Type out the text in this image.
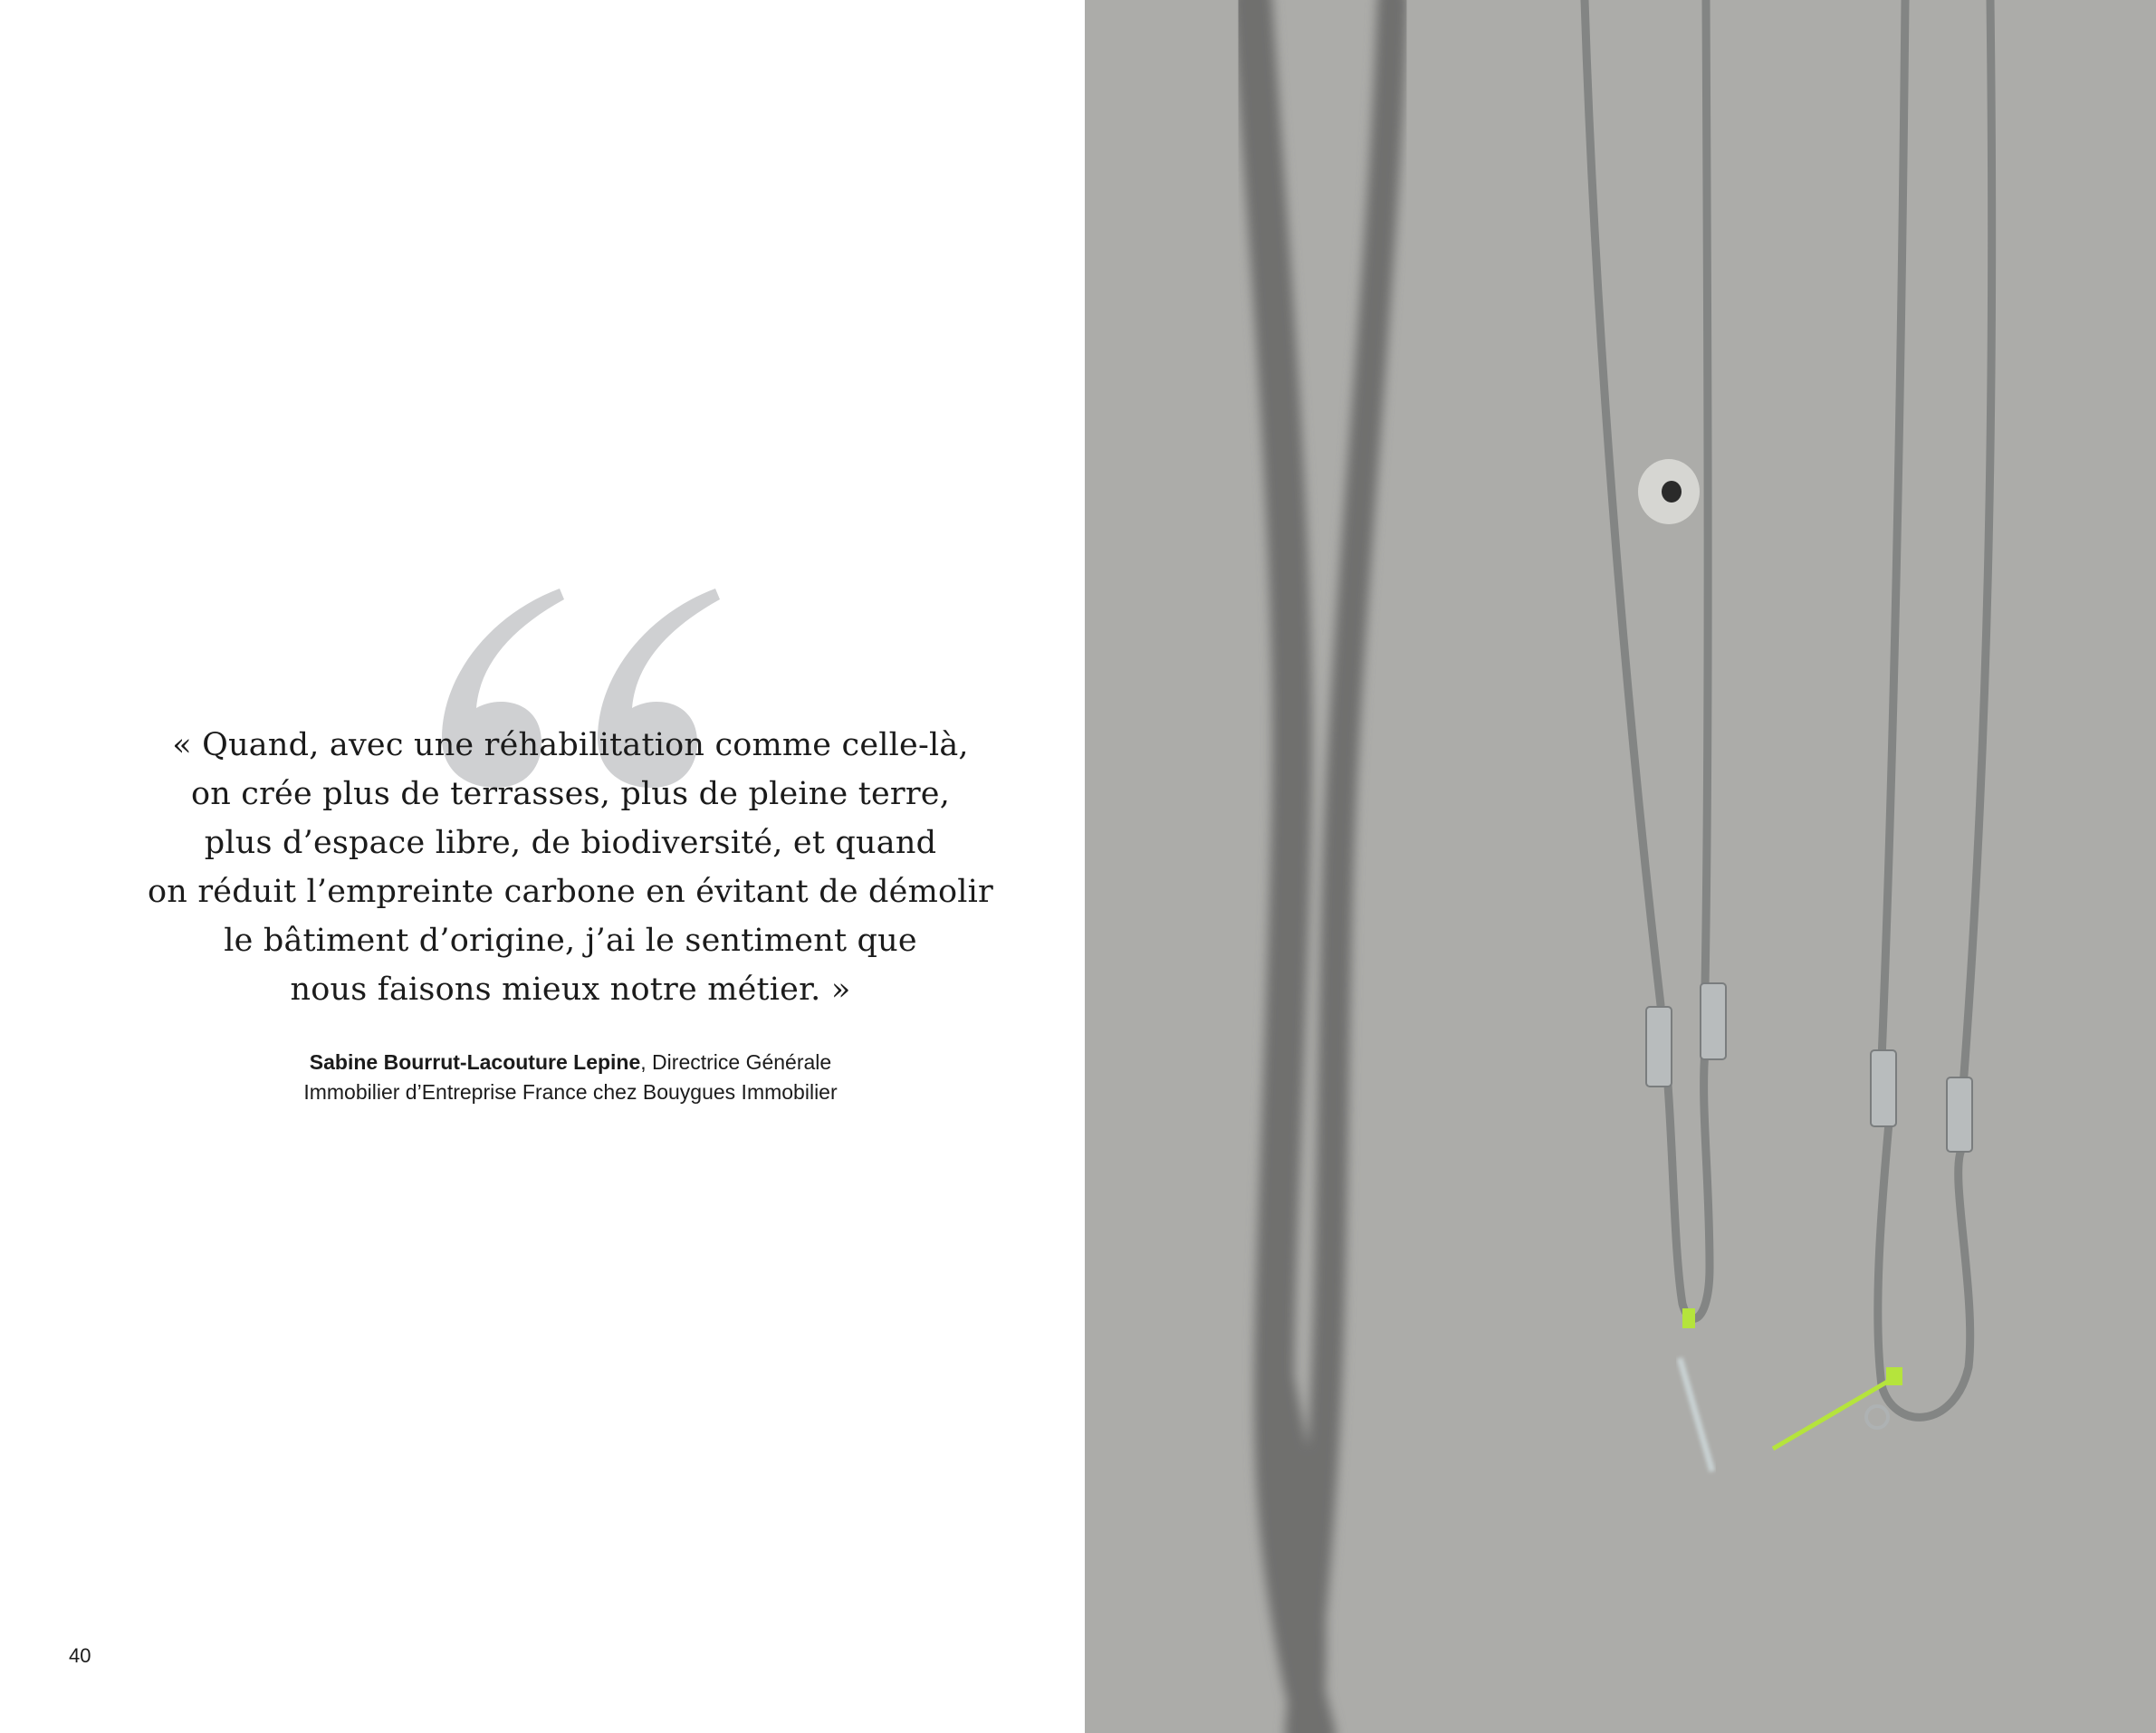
« Quand, avec une réhabilitation comme celle-là,
on crée plus de terrasses, plus de pleine terre,
plus d’espace libre, de biodiversité, et quand
on réduit l’empreinte carbone en évitant de démolir
le bâtiment d’origine, j’ai le sentiment que
nous faisons mieux notre métier. »
Sabine Bourrut-Lacouture Lepine, Directrice Générale
Immobilier d’Entreprise France chez Bouygues Immobilier
40
